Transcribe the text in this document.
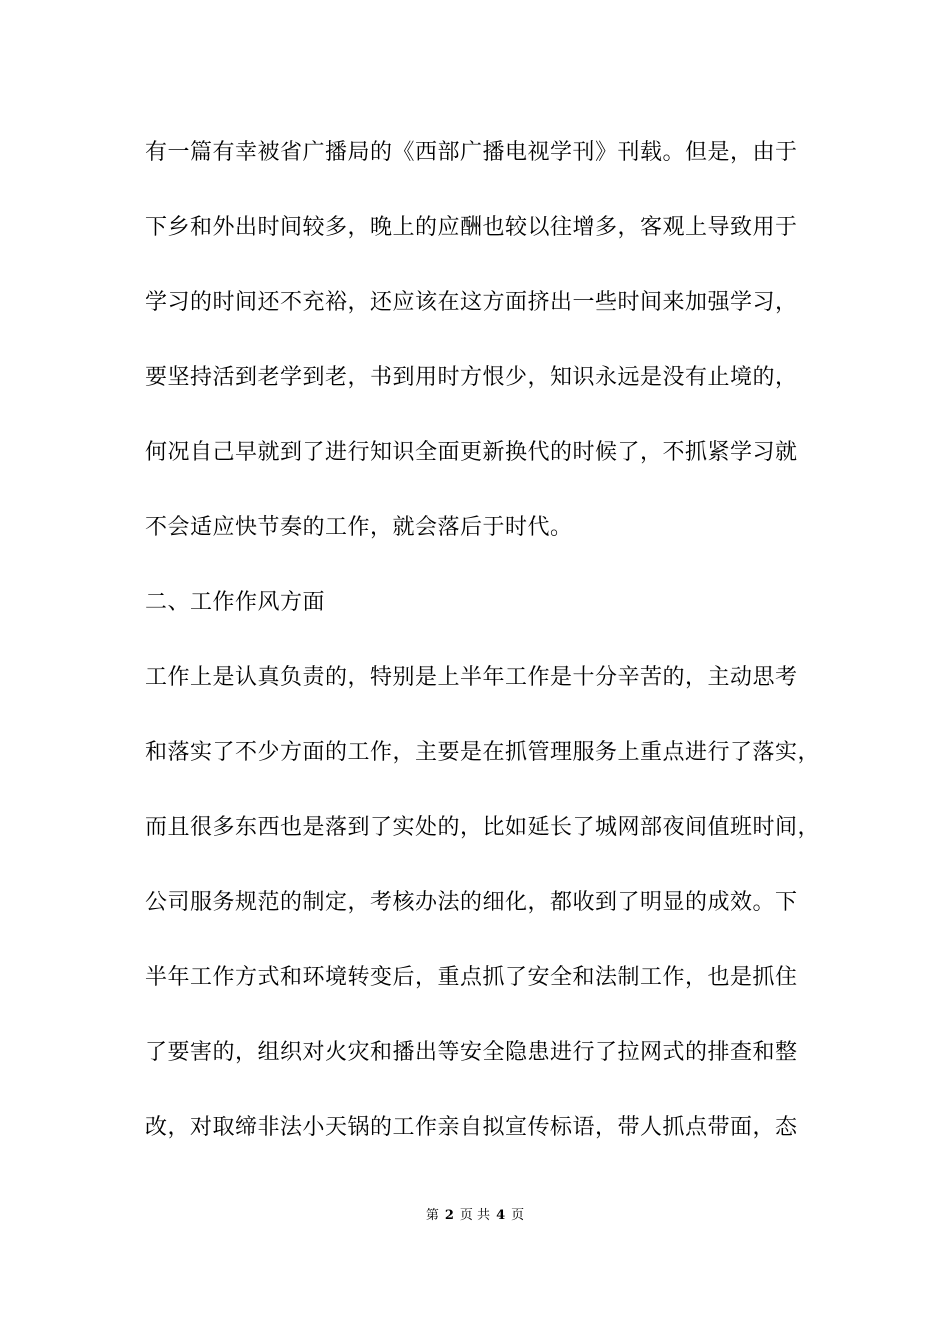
有一篇有幸被省广播局的《西部广播电视学刊》刊载。但是，由于
下乡和外出时间较多，晚上的应酬也较以往增多，客观上导致用于
学习的时间还不充裕，还应该在这方面挤出一些时间来加强学习，
要坚持活到老学到老，书到用时方恨少，知识永远是没有止境的，
何况自己早就到了进行知识全面更新换代的时候了，不抓紧学习就
不会适应快节奏的工作，就会落后于时代。
二、工作作风方面
工作上是认真负责的，特别是上半年工作是十分辛苦的，主动思考
和落实了不少方面的工作，主要是在抓管理服务上重点进行了落实，
而且很多东西也是落到了实处的，比如延长了城网部夜间值班时间，
公司服务规范的制定，考核办法的细化，都收到了明显的成效。下
半年工作方式和环境转变后，重点抓了安全和法制工作，也是抓住
了要害的，组织对火灾和播出等安全隐患进行了拉网式的排查和整
改，对取缔非法小天锅的工作亲自拟宣传标语，带人抓点带面，态
第 2 页 共 4 页
